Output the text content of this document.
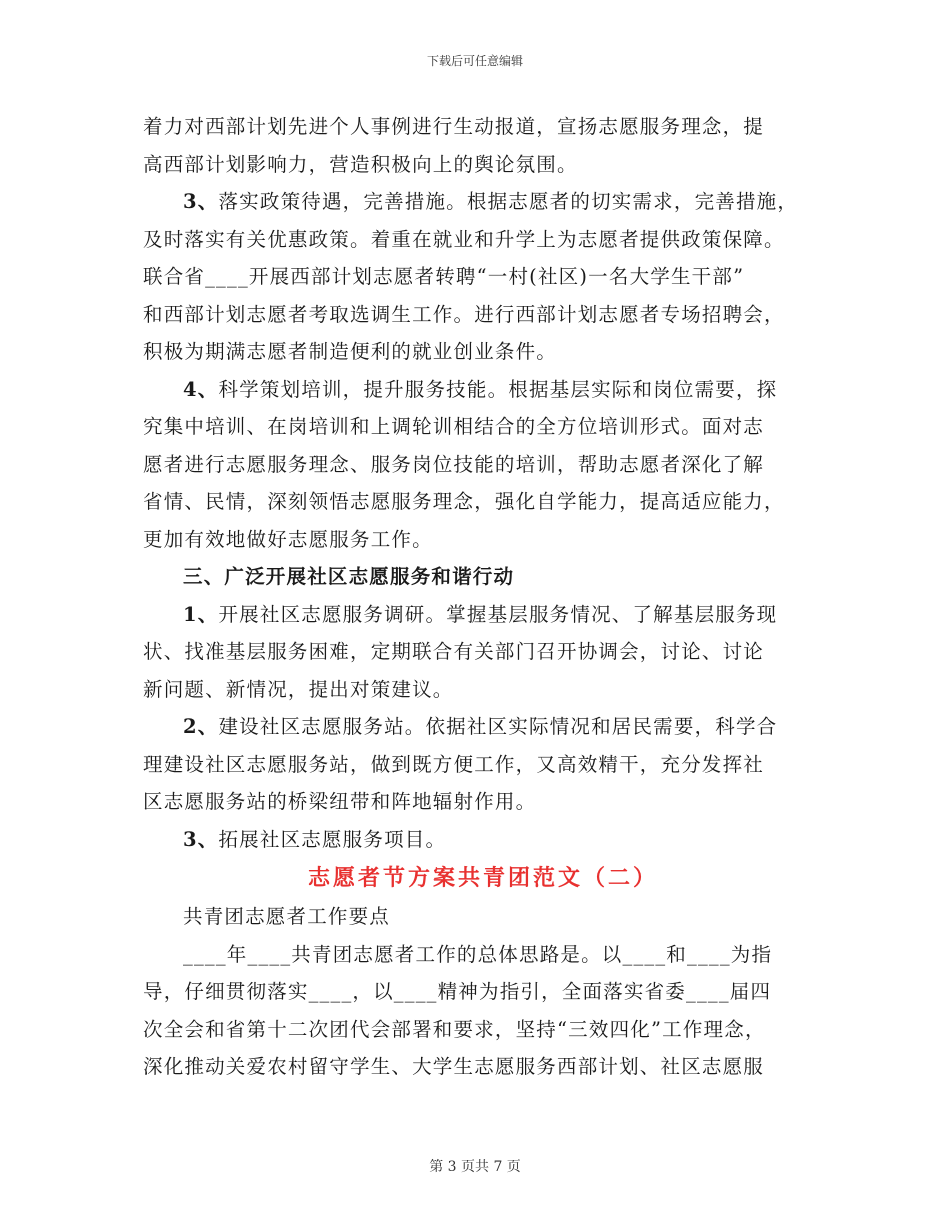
下载后可任意编辑
着力对西部计划先进个人事例进行生动报道，宣扬志愿服务理念，提
高西部计划影响力，营造积极向上的舆论氛围。
3、落实政策待遇，完善措施。根据志愿者的切实需求，完善措施，
及时落实有关优惠政策。着重在就业和升学上为志愿者提供政策保障。
联合省____开展西部计划志愿者转聘“一村(社区)一名大学生干部”
和西部计划志愿者考取选调生工作。进行西部计划志愿者专场招聘会，
积极为期满志愿者制造便利的就业创业条件。
4、科学策划培训，提升服务技能。根据基层实际和岗位需要，探
究集中培训、在岗培训和上调轮训相结合的全方位培训形式。面对志
愿者进行志愿服务理念、服务岗位技能的培训，帮助志愿者深化了解
省情、民情，深刻领悟志愿服务理念，强化自学能力，提高适应能力，
更加有效地做好志愿服务工作。
三、广泛开展社区志愿服务和谐行动
1、开展社区志愿服务调研。掌握基层服务情况、了解基层服务现
状、找准基层服务困难，定期联合有关部门召开协调会，讨论、讨论
新问题、新情况，提出对策建议。
2、建设社区志愿服务站。依据社区实际情况和居民需要，科学合
理建设社区志愿服务站，做到既方便工作，又高效精干，充分发挥社
区志愿服务站的桥梁纽带和阵地辐射作用。
3、拓展社区志愿服务项目。
志愿者节方案共青团范文（二）
共青团志愿者工作要点
____年____共青团志愿者工作的总体思路是。以____和____为指
导，仔细贯彻落实____，以____精神为指引，全面落实省委____届四
次全会和省第十二次团代会部署和要求，坚持“三效四化”工作理念，
深化推动关爱农村留守学生、大学生志愿服务西部计划、社区志愿服
第 3 页共 7 页
